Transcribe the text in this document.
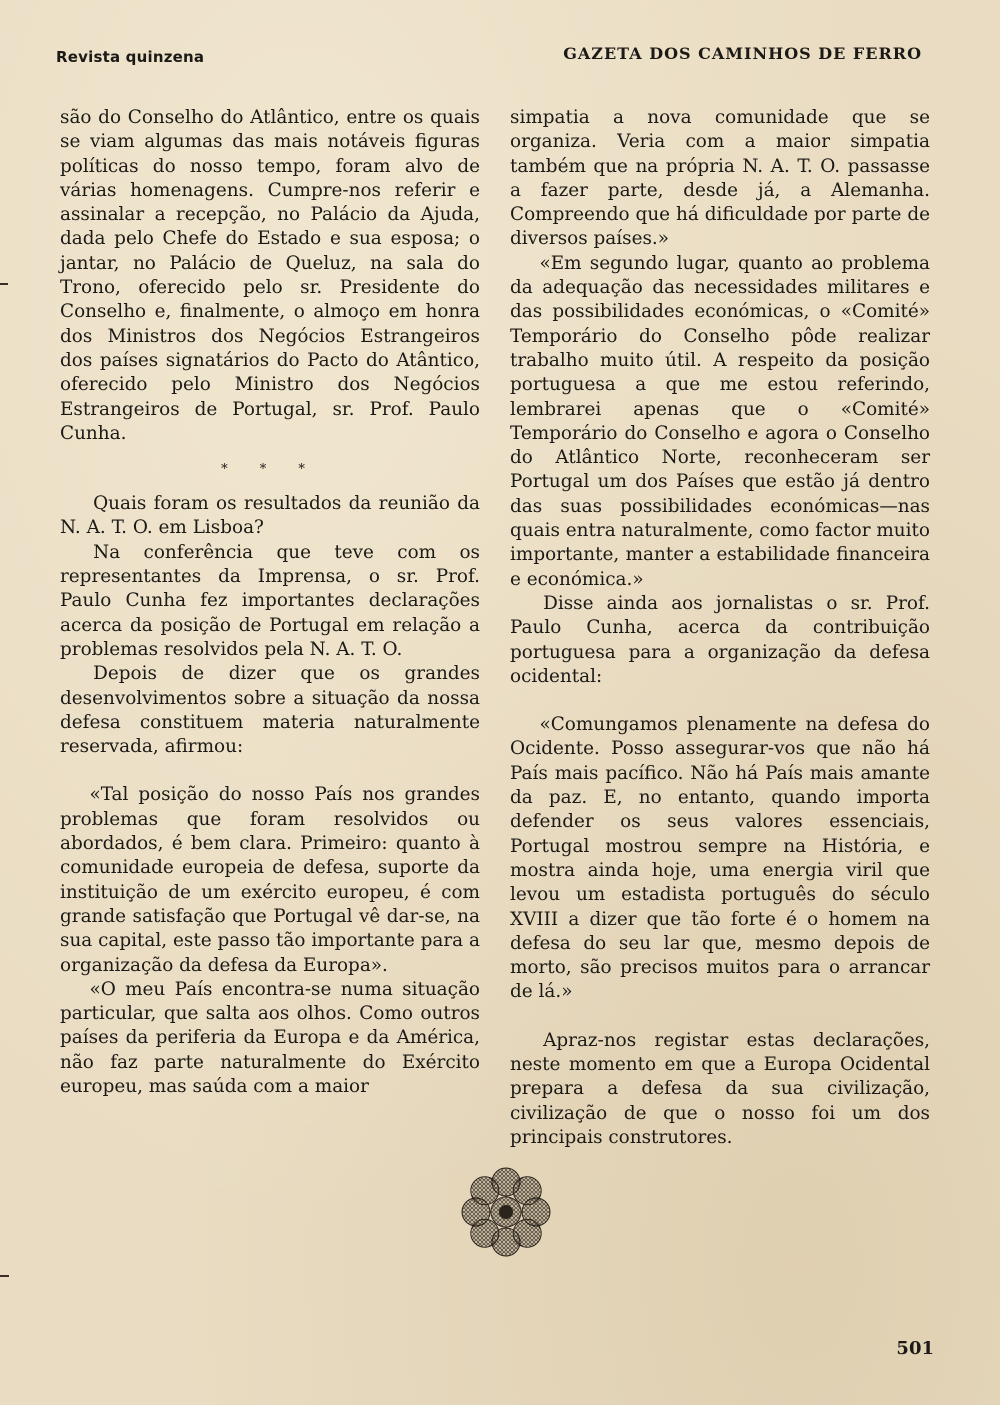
Revista quinzena	GAZETA DOS CAMINHOS DE FERRO

são do Conselho do Atlântico, entre os quais se viam algumas das mais notáveis figuras políticas do nosso tempo, foram alvo de várias homenagens. Cumpre-nos referir e assinalar a recepção, no Palácio da Ajuda, dada pelo Chefe do Estado e sua esposa; o jantar, no Palácio de Queluz, na sala do Trono, oferecido pelo sr. Presidente do Conselho e, finalmente, o almoço em honra dos Ministros dos Negócios Estrangeiros dos países signatários do Pacto do Atântico, oferecido pelo Ministro dos Negócios Estrangeiros de Portugal, sr. Prof. Paulo Cunha.

* * *

Quais foram os resultados da reunião da N. A. T. O. em Lisboa?

Na conferência que teve com os representantes da Imprensa, o sr. Prof. Paulo Cunha fez importantes declarações acerca da posição de Portugal em relação a problemas resolvidos pela N. A. T. O.

Depois de dizer que os grandes desenvolvimentos sobre a situação da nossa defesa constituem materia naturalmente reservada, afirmou:

«Tal posição do nosso País nos grandes problemas que foram resolvidos ou abordados, é bem clara. Primeiro: quanto à comunidade europeia de defesa, suporte da instituição de um exército europeu, é com grande satisfação que Portugal vê dar-se, na sua capital, este passo tão importante para a organização da defesa da Europa».

«O meu País encontra-se numa situação particular, que salta aos olhos. Como outros países da periferia da Europa e da América, não faz parte naturalmente do Exército europeu, mas saúda com a maior

simpatia a nova comunidade que se organiza. Veria com a maior simpatia também que na própria N. A. T. O. passasse a fazer parte, desde já, a Alemanha. Compreendo que há dificuldade por parte de diversos países.»

«Em segundo lugar, quanto ao problema da adequação das necessidades militares e das possibilidades económicas, o «Comité» Temporário do Conselho pôde realizar trabalho muito útil. A respeito da posição portuguesa a que me estou referindo, lembrarei apenas que o «Comité» Temporário do Conselho e agora o Conselho do Atlântico Norte, reconheceram ser Portugal um dos Países que estão já dentro das suas possibilidades económicas—nas quais entra naturalmente, como factor muito importante, manter a estabilidade financeira e económica.»

Disse ainda aos jornalistas o sr. Prof. Paulo Cunha, acerca da contribuição portuguesa para a organização da defesa ocidental:

«Comungamos plenamente na defesa do Ocidente. Posso assegurar-vos que não há País mais pacífico. Não há País mais amante da paz. E, no entanto, quando importa defender os seus valores essenciais, Portugal mostrou sempre na História, e mostra ainda hoje, uma energia viril que levou um estadista português do século XVIII a dizer que tão forte é o homem na defesa do seu lar que, mesmo depois de morto, são precisos muitos para o arrancar de lá.»

Apraz-nos registar estas declarações, neste momento em que a Europa Ocidental prepara a defesa da sua civilização, civilização de que o nosso foi um dos principais construtores.

501
